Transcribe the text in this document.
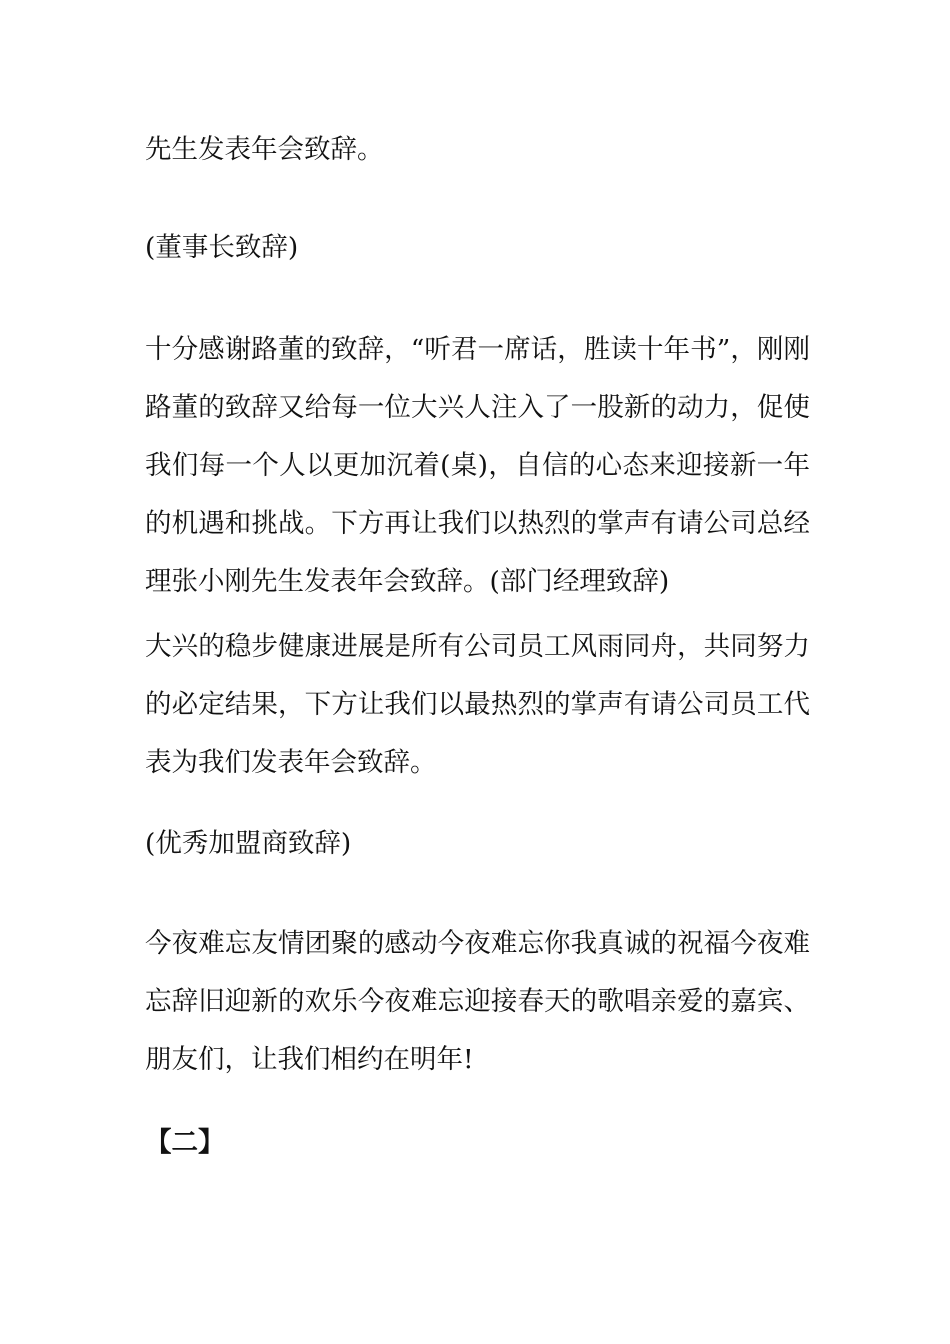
先生发表年会致辞。

(董事长致辞)

十分感谢路董的致辞，“听君一席话，胜读十年书”，刚刚路董的致辞又给每一位大兴人注入了一股新的动力，促使我们每一个人以更加沉着(桌)，自信的心态来迎接新一年的机遇和挑战。下方再让我们以热烈的掌声有请公司总经理张小刚先生发表年会致辞。(部门经理致辞)

大兴的稳步健康进展是所有公司员工风雨同舟，共同努力的必定结果，下方让我们以最热烈的掌声有请公司员工代表为我们发表年会致辞。

(优秀加盟商致辞)

今夜难忘友情团聚的感动今夜难忘你我真诚的祝福今夜难忘辞旧迎新的欢乐今夜难忘迎接春天的歌唱亲爱的嘉宾、朋友们，让我们相约在明年!

【二】
